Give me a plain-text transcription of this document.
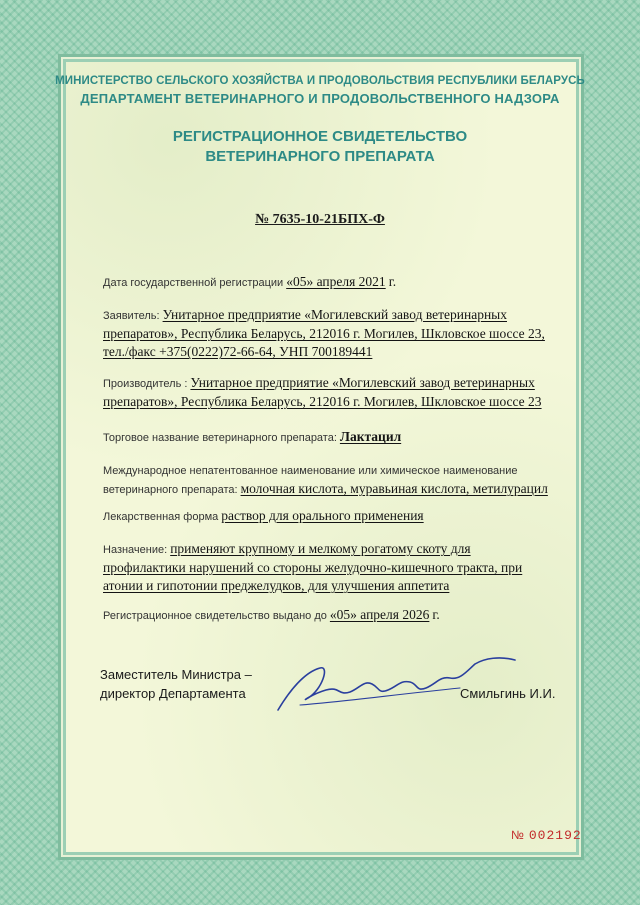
МИНИСТЕРСТВО СЕЛЬСКОГО ХОЗЯЙСТВА И ПРОДОВОЛЬСТВИЯ РЕСПУБЛИКИ БЕЛАРУСЬ
ДЕПАРТАМЕНТ ВЕТЕРИНАРНОГО И ПРОДОВОЛЬСТВЕННОГО НАДЗОРА
РЕГИСТРАЦИОННОЕ СВИДЕТЕЛЬСТВО
ВЕТЕРИНАРНОГО ПРЕПАРАТА
№ 7635-10-21БПХ-Ф
Дата государственной регистрации «05» апреля 2021 г.
Заявитель: Унитарное предприятие «Могилевский завод ветеринарных
препаратов», Республика Беларусь, 212016 г. Могилев, Шкловское шоссе 23,
тел./факс +375(0222)72-66-64, УНП 700189441
Производитель : Унитарное предприятие «Могилевский завод ветеринарных
препаратов», Республика Беларусь, 212016 г. Могилев, Шкловское шоссе 23
Торговое название ветеринарного препарата: Лактацил
Международное непатентованное наименование или химическое наименование
ветеринарного препарата: молочная кислота, муравьиная кислота, метилурацил
Лекарственная форма раствор для орального применения
Назначение: применяют крупному и мелкому рогатому скоту для
профилактики нарушений со стороны желудочно-кишечного тракта, при
атонии и гипотонии преджелудков, для улучшения аппетита
Регистрационное свидетельство выдано до «05» апреля 2026 г.
Заместитель Министра –
директор Департамента	Смильгинь И.И.
№ 002192
